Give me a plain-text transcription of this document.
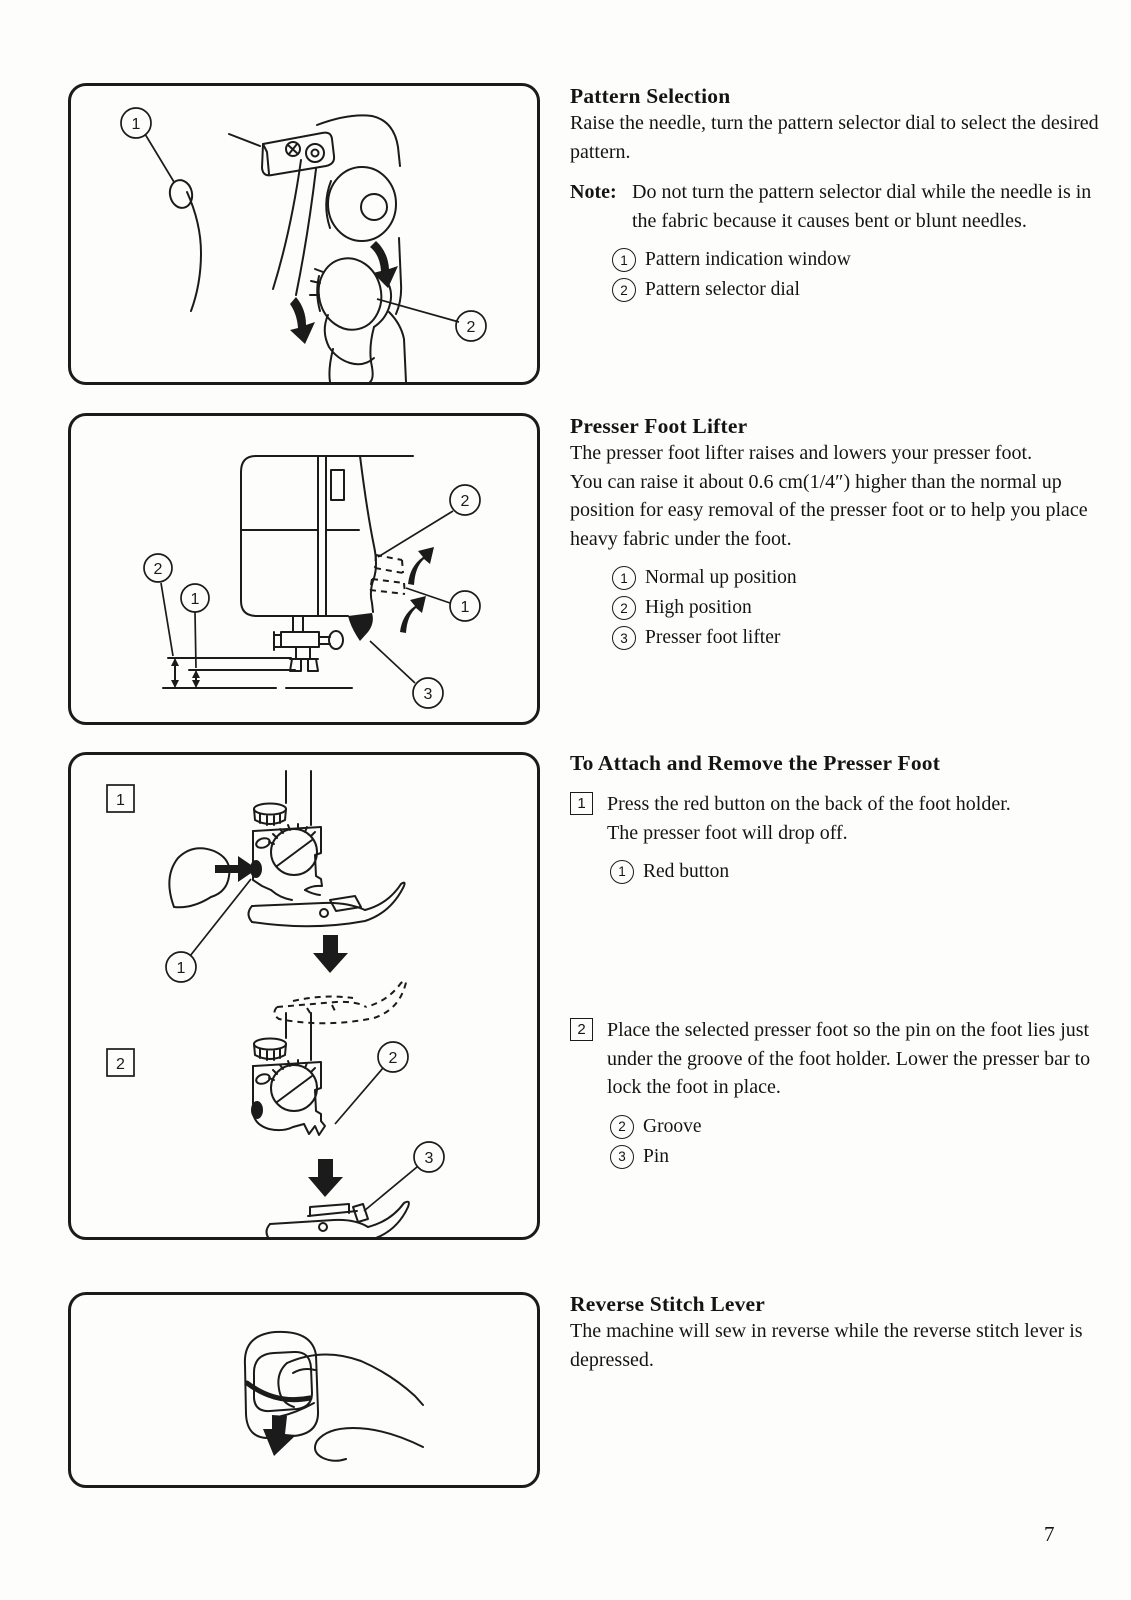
1
2
2
1
2
1
3
1
1
2	2
3
Pattern Selection

Raise the needle, turn the pattern selector dial to select the desired pattern.

Note: Do not turn the pattern selector dial while the needle is in the fabric because it causes bent or blunt needles.

1 Pattern indication window
2 Pattern selector dial
Presser Foot Lifter

The presser foot lifter raises and lowers your presser foot.

You can raise it about 0.6 cm(1/4″) higher than the normal up position for easy removal of the presser foot or to help you place heavy fabric under the foot.

1 Normal up position
2 High position
3 Presser foot lifter
To Attach and Remove the Presser Foot
1	Press the red button on the back of the foot holder.

The presser foot will drop off.

1 Red button
2	Place the selected presser foot so the pin on the foot lies just under the groove of the foot holder. Lower the presser bar to lock the foot in place.

2 Groove
3 Pin
Reverse Stitch Lever

The machine will sew in reverse while the reverse stitch lever is depressed.

7
